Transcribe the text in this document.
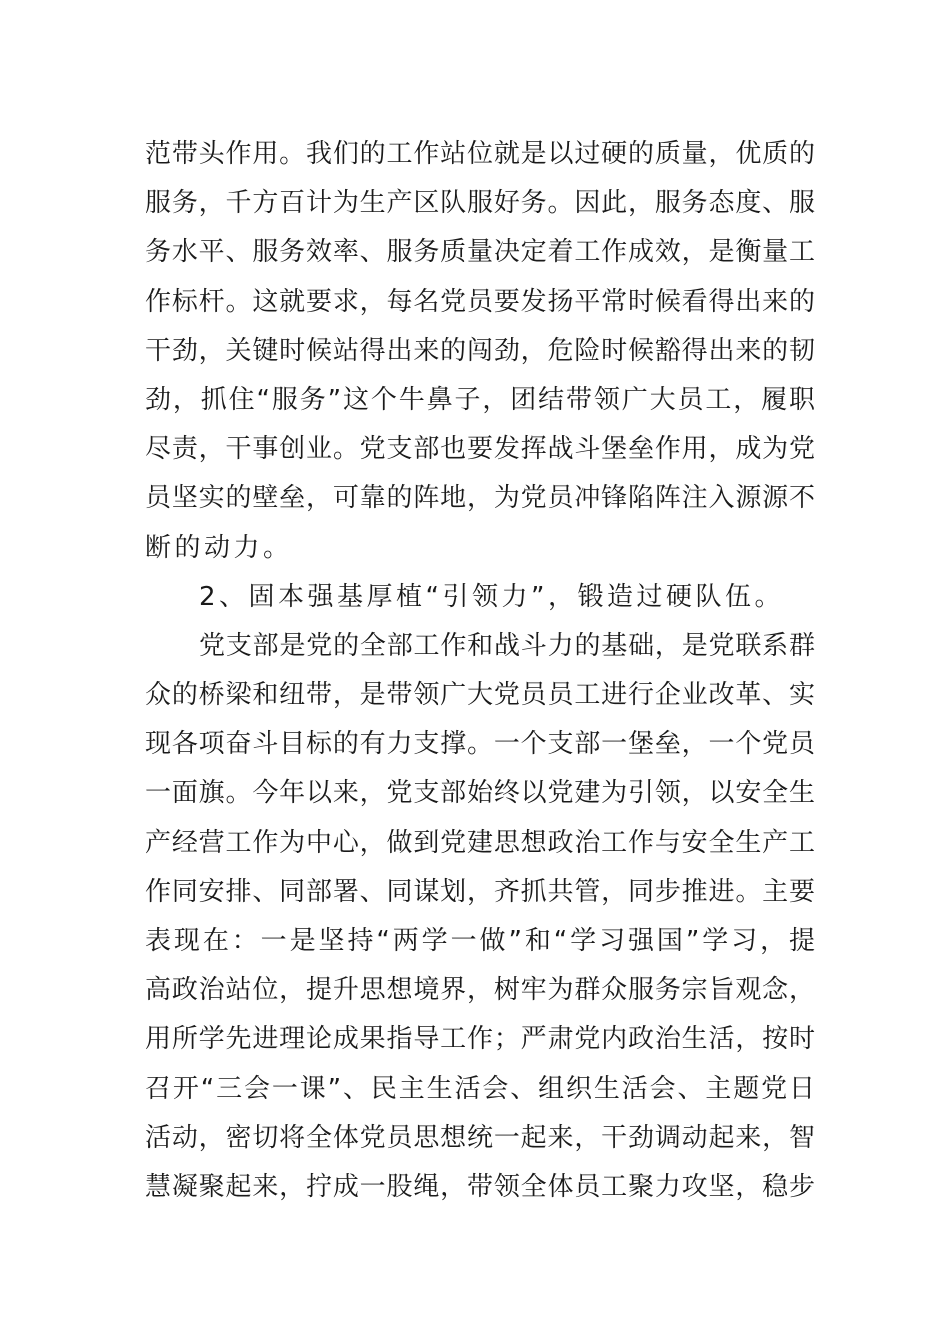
范带头作用。我们的工作站位就是以过硬的质量，优质的
服务，千方百计为生产区队服好务。因此，服务态度、服
务水平、服务效率、服务质量决定着工作成效，是衡量工
作标杆。这就要求，每名党员要发扬平常时候看得出来的
干劲，关键时候站得出来的闯劲，危险时候豁得出来的韧
劲，抓住“服务”这个牛鼻子，团结带领广大员工，履职
尽责，干事创业。党支部也要发挥战斗堡垒作用，成为党
员坚实的壁垒，可靠的阵地，为党员冲锋陷阵注入源源不
断的动力。
2、固本强基厚植“引领力”，锻造过硬队伍。
党支部是党的全部工作和战斗力的基础，是党联系群
众的桥梁和纽带，是带领广大党员员工进行企业改革、实
现各项奋斗目标的有力支撑。一个支部一堡垒，一个党员
一面旗。今年以来，党支部始终以党建为引领，以安全生
产经营工作为中心，做到党建思想政治工作与安全生产工
作同安排、同部署、同谋划，齐抓共管，同步推进。主要
表现在：一是坚持“两学一做”和“学习强国”学习，提
高政治站位，提升思想境界，树牢为群众服务宗旨观念，
用所学先进理论成果指导工作；严肃党内政治生活，按时
召开“三会一课”、民主生活会、组织生活会、主题党日
活动，密切将全体党员思想统一起来，干劲调动起来，智
慧凝聚起来，拧成一股绳，带领全体员工聚力攻坚，稳步
